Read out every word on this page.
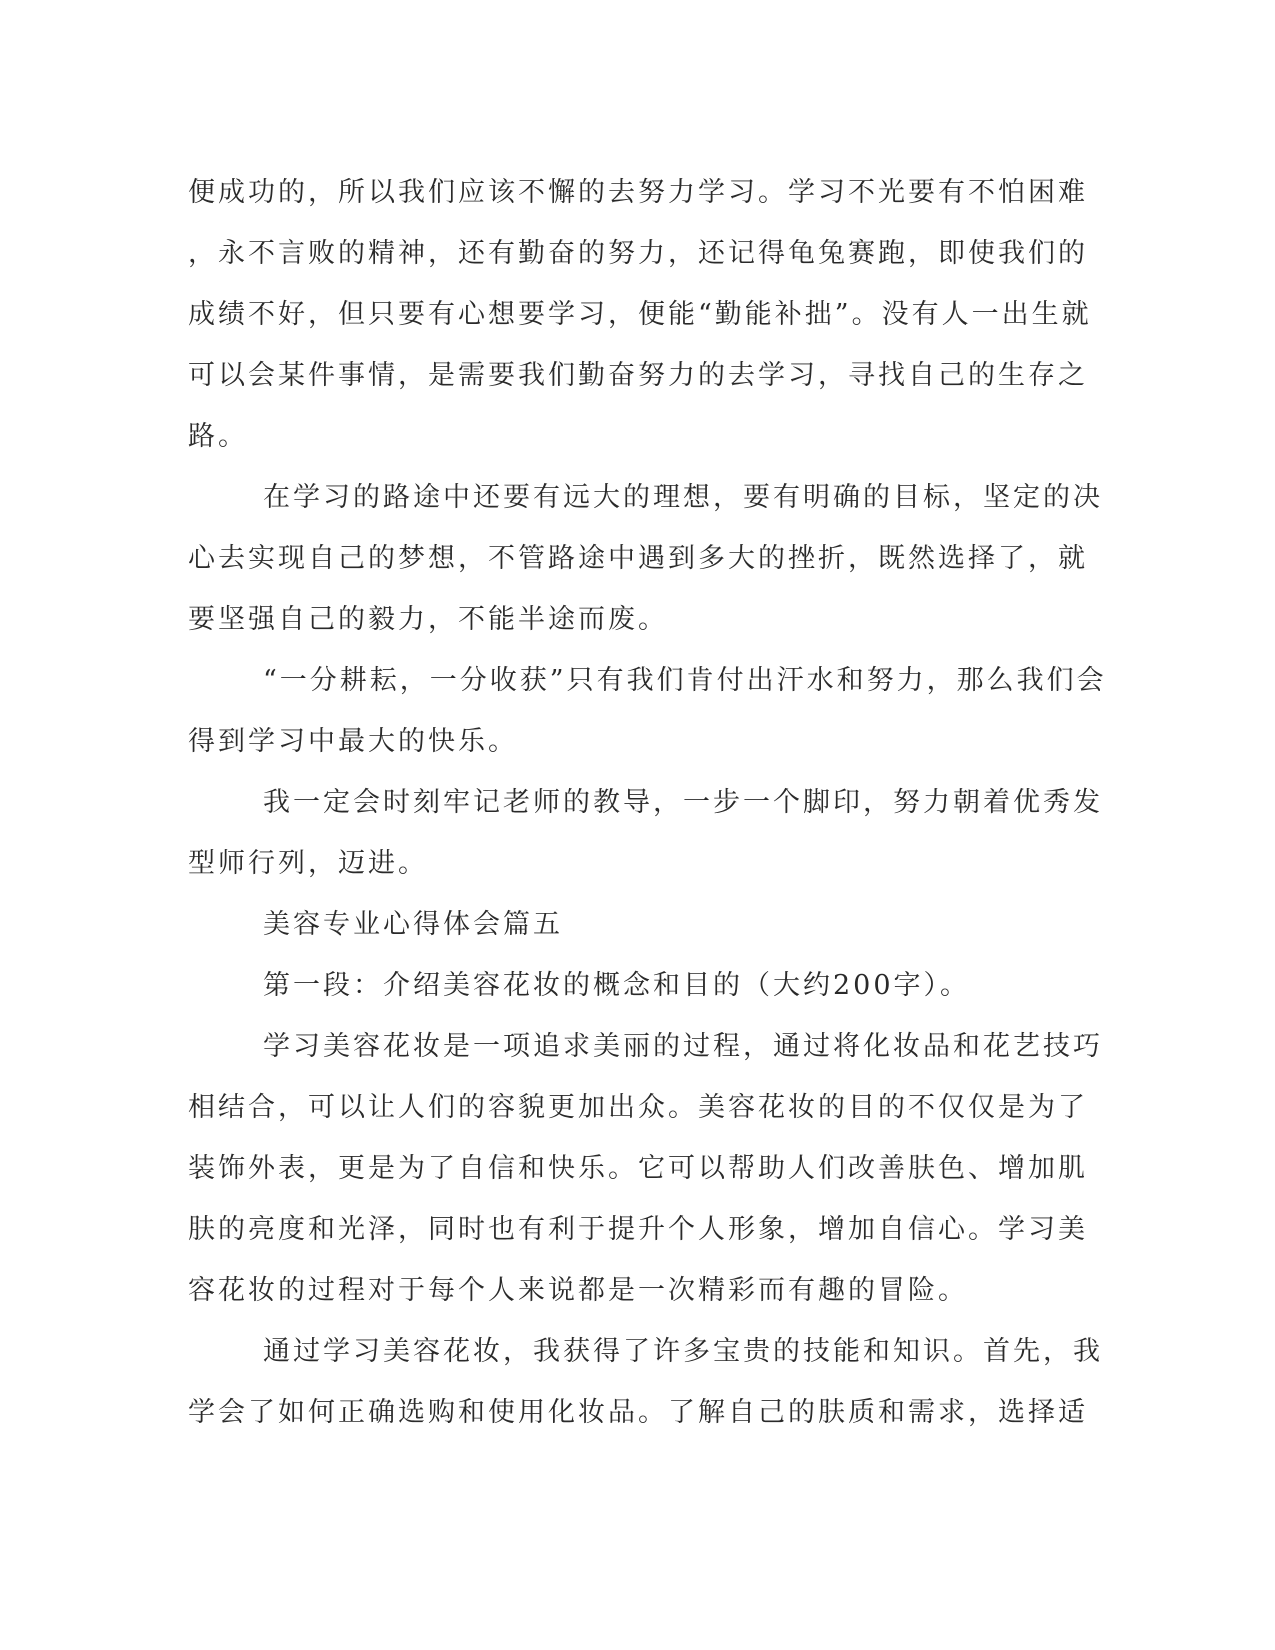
便成功的，所以我们应该不懈的去努力学习。学习不光要有不怕困难
，永不言败的精神，还有勤奋的努力，还记得龟兔赛跑，即使我们的
成绩不好，但只要有心想要学习，便能“勤能补拙”。没有人一出生就
可以会某件事情，是需要我们勤奋努力的去学习，寻找自己的生存之
路。
在学习的路途中还要有远大的理想，要有明确的目标，坚定的决
心去实现自己的梦想，不管路途中遇到多大的挫折，既然选择了，就
要坚强自己的毅力，不能半途而废。
“一分耕耘，一分收获”只有我们肯付出汗水和努力，那么我们会
得到学习中最大的快乐。
我一定会时刻牢记老师的教导，一步一个脚印，努力朝着优秀发
型师行列，迈进。
美容专业心得体会篇五
第一段：介绍美容花妆的概念和目的（大约200字）。
学习美容花妆是一项追求美丽的过程，通过将化妆品和花艺技巧
相结合，可以让人们的容貌更加出众。美容花妆的目的不仅仅是为了
装饰外表，更是为了自信和快乐。它可以帮助人们改善肤色、增加肌
肤的亮度和光泽，同时也有利于提升个人形象，增加自信心。学习美
容花妆的过程对于每个人来说都是一次精彩而有趣的冒险。
通过学习美容花妆，我获得了许多宝贵的技能和知识。首先，我
学会了如何正确选购和使用化妆品。了解自己的肤质和需求，选择适
